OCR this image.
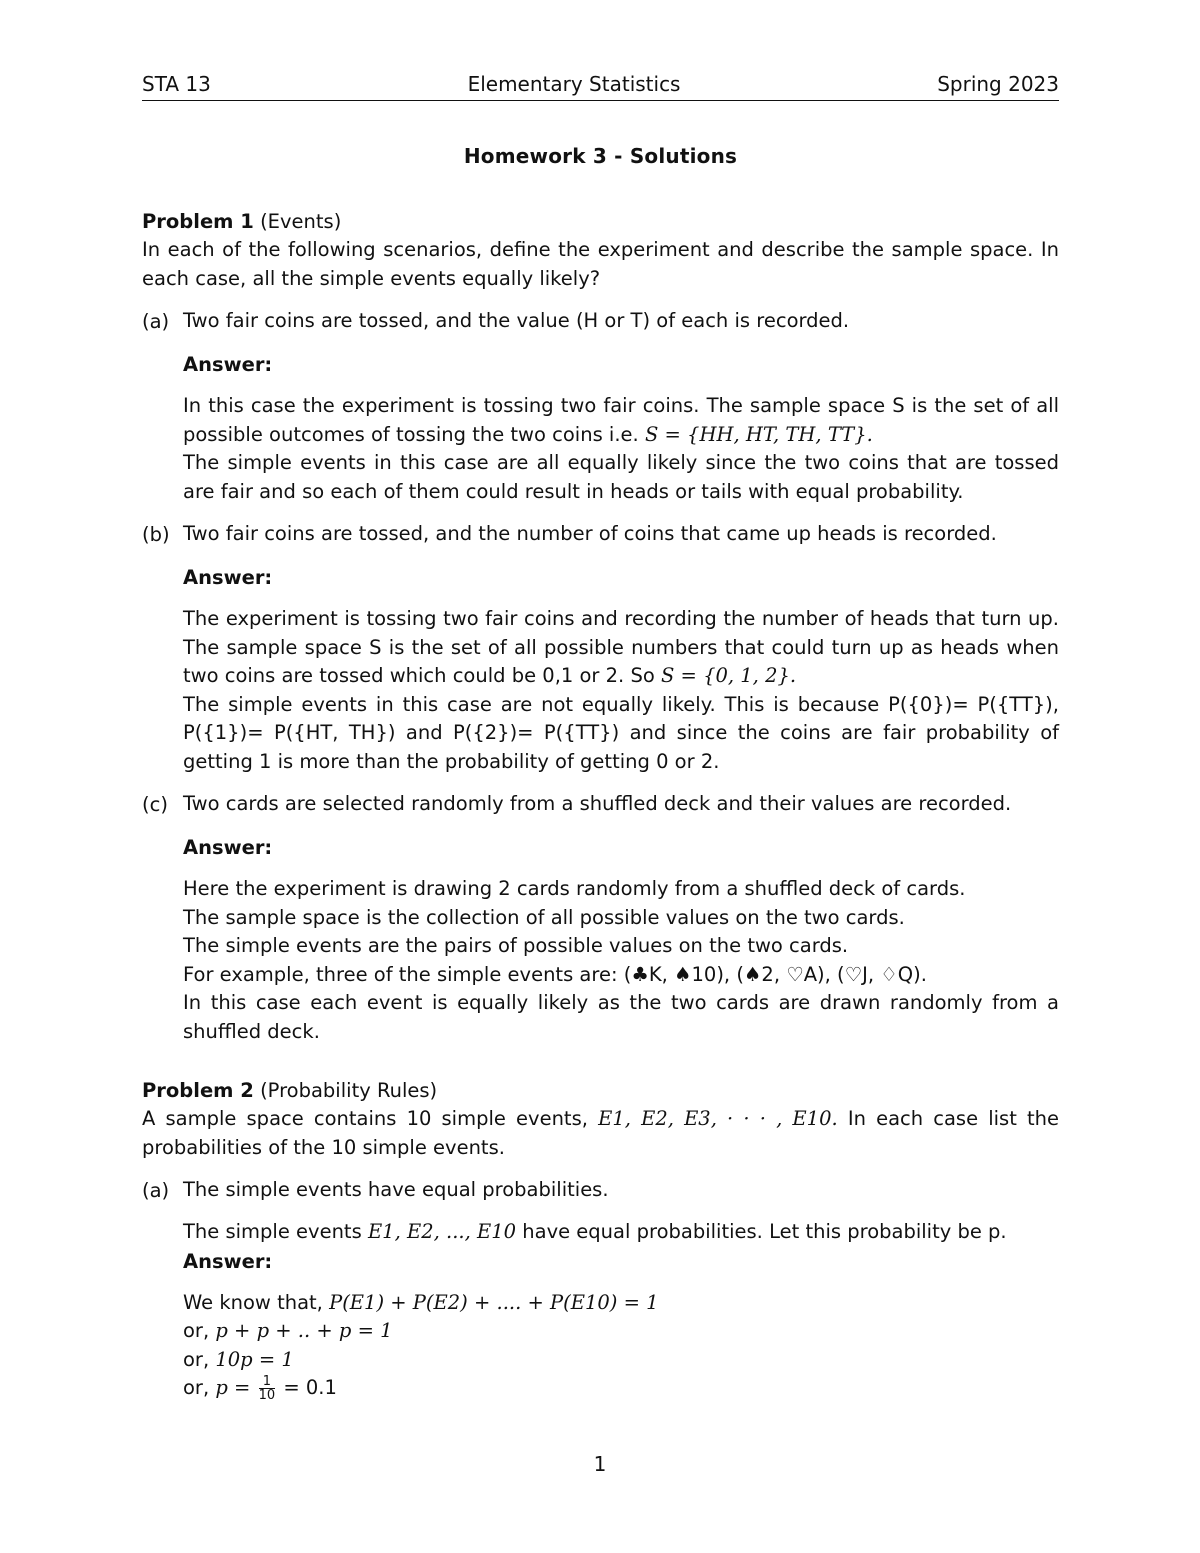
STA 13	Elementary Statistics	Spring 2023
Homework 3 - Solutions

Problem 1 (Events)

In each of the following scenarios, define the experiment and describe the sample space. In each case, all the simple events equally likely?

(a) Two fair coins are tossed, and the value (H or T) of each is recorded.

Answer:

In this case the experiment is tossing two fair coins. The sample space S is the set of all possible outcomes of tossing the two coins i.e. S = {HH, HT, TH, TT}.

The simple events in this case are all equally likely since the two coins that are tossed are fair and so each of them could result in heads or tails with equal probability.

(b) Two fair coins are tossed, and the number of coins that came up heads is recorded.

Answer:

The experiment is tossing two fair coins and recording the number of heads that turn up. The sample space S is the set of all possible numbers that could turn up as heads when two coins are tossed which could be 0,1 or 2. So S = {0, 1, 2}.

The simple events in this case are not equally likely. This is because P({0})= P({TT}), P({1})= P({HT, TH}) and P({2})= P({TT}) and since the coins are fair probability of getting 1 is more than the probability of getting 0 or 2.

(c) Two cards are selected randomly from a shuffled deck and their values are recorded.

Answer:

Here the experiment is drawing 2 cards randomly from a shuffled deck of cards.

The sample space is the collection of all possible values on the two cards.

The simple events are the pairs of possible values on the two cards.

For example, three of the simple events are: (♣K, ♠10), (♠2, ♡A), (♡J, ♢Q).

In this case each event is equally likely as the two cards are drawn randomly from a shuffled deck.

Problem 2 (Probability Rules)

A sample space contains 10 simple events, E1, E2, E3, · · · , E10. In each case list the probabilities of the 10 simple events.

(a) The simple events have equal probabilities.

The simple events E1, E2, ..., E10 have equal probabilities. Let this probability be p.

Answer:

We know that, P(E1) + P(E2) + .... + P(E10) = 1

or, p + p + .. + p = 1

or, 10p = 1

or, $p = \frac{1}{10} = 0.1$

1
